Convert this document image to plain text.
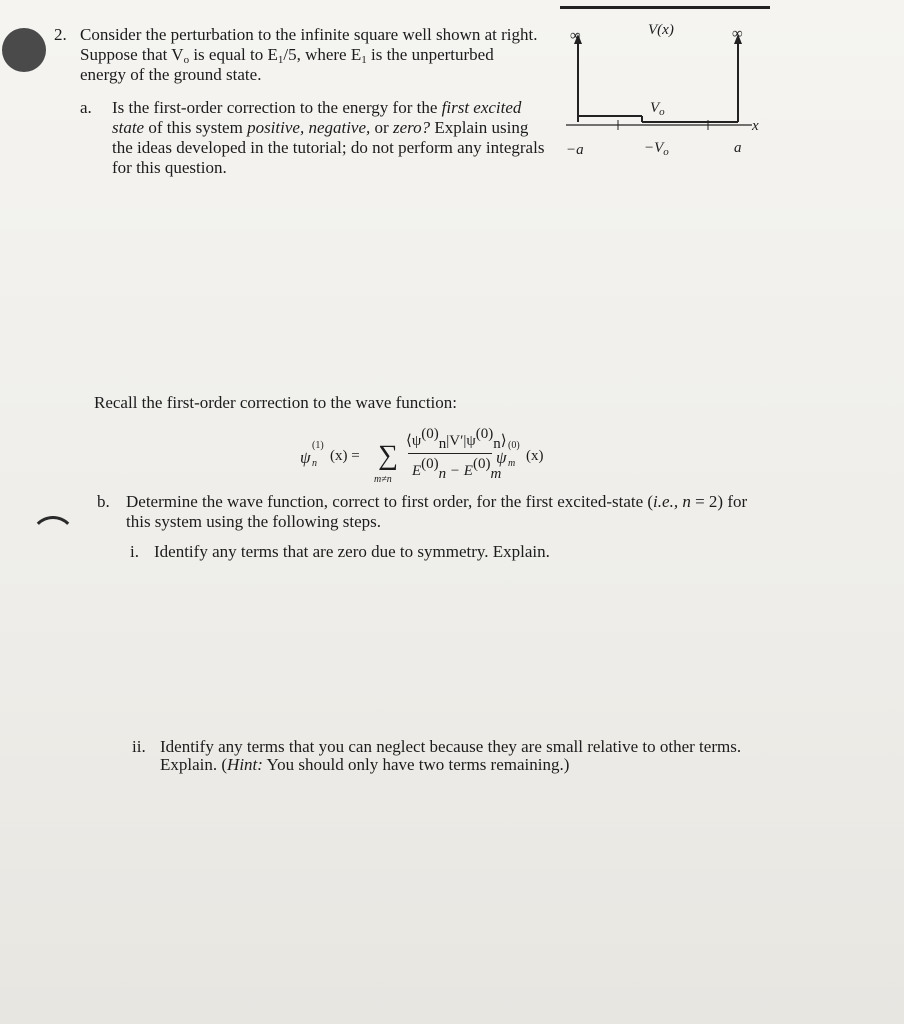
2. Consider the perturbation to the infinite square well shown at right.
Suppose that $V_o$ is equal to $E_1/5$, where $E_1$ is the unperturbed
energy of the ground state.
a. Is the first-order correction to the energy for the first excited
state of this system positive, negative, or zero? Explain using
the ideas developed in the tutorial; do not perform any integrals
for this question.
∞	∞
V(x)
$V_o$
x
−a	$-V_o$	a
Recall the first-order correction to the wave function:
ψ
(1)
n (x) = ∑
m≠n
⟨ψ(0)n|V′|ψ(0)n⟩
E(0)n − E(0)m
ψ
(0)
m (x)
b. Determine the wave function, correct to first order, for the first excited-state (i.e., n = 2) for
this system using the following steps.
i. Identify any terms that are zero due to symmetry. Explain.
ii. Identify any terms that you can neglect because they are small relative to other terms.
Explain. (Hint: You should only have two terms remaining.)
